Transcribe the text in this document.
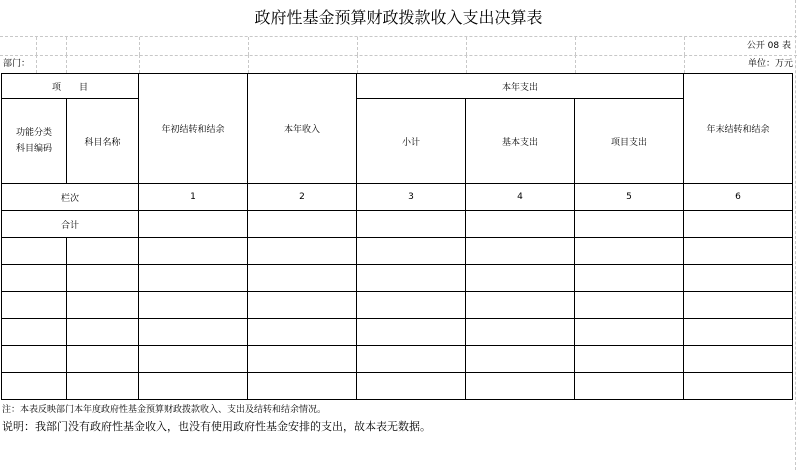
政府性基金预算财政拨款收入支出决算表
公开 08 表
部门：	单位：万元
项　　目		年初结转和结余	本年收入	本年支出			年末结转和结余
功能分类
科目编码	科目名称			小计	基本支出	项目支出	

栏次		1	2	3	4	5	6
合计							

注：本表反映部门本年度政府性基金预算财政拨款收入、支出及结转和结余情况。
说明：我部门没有政府性基金收入，也没有使用政府性基金安排的支出，故本表无数据。
